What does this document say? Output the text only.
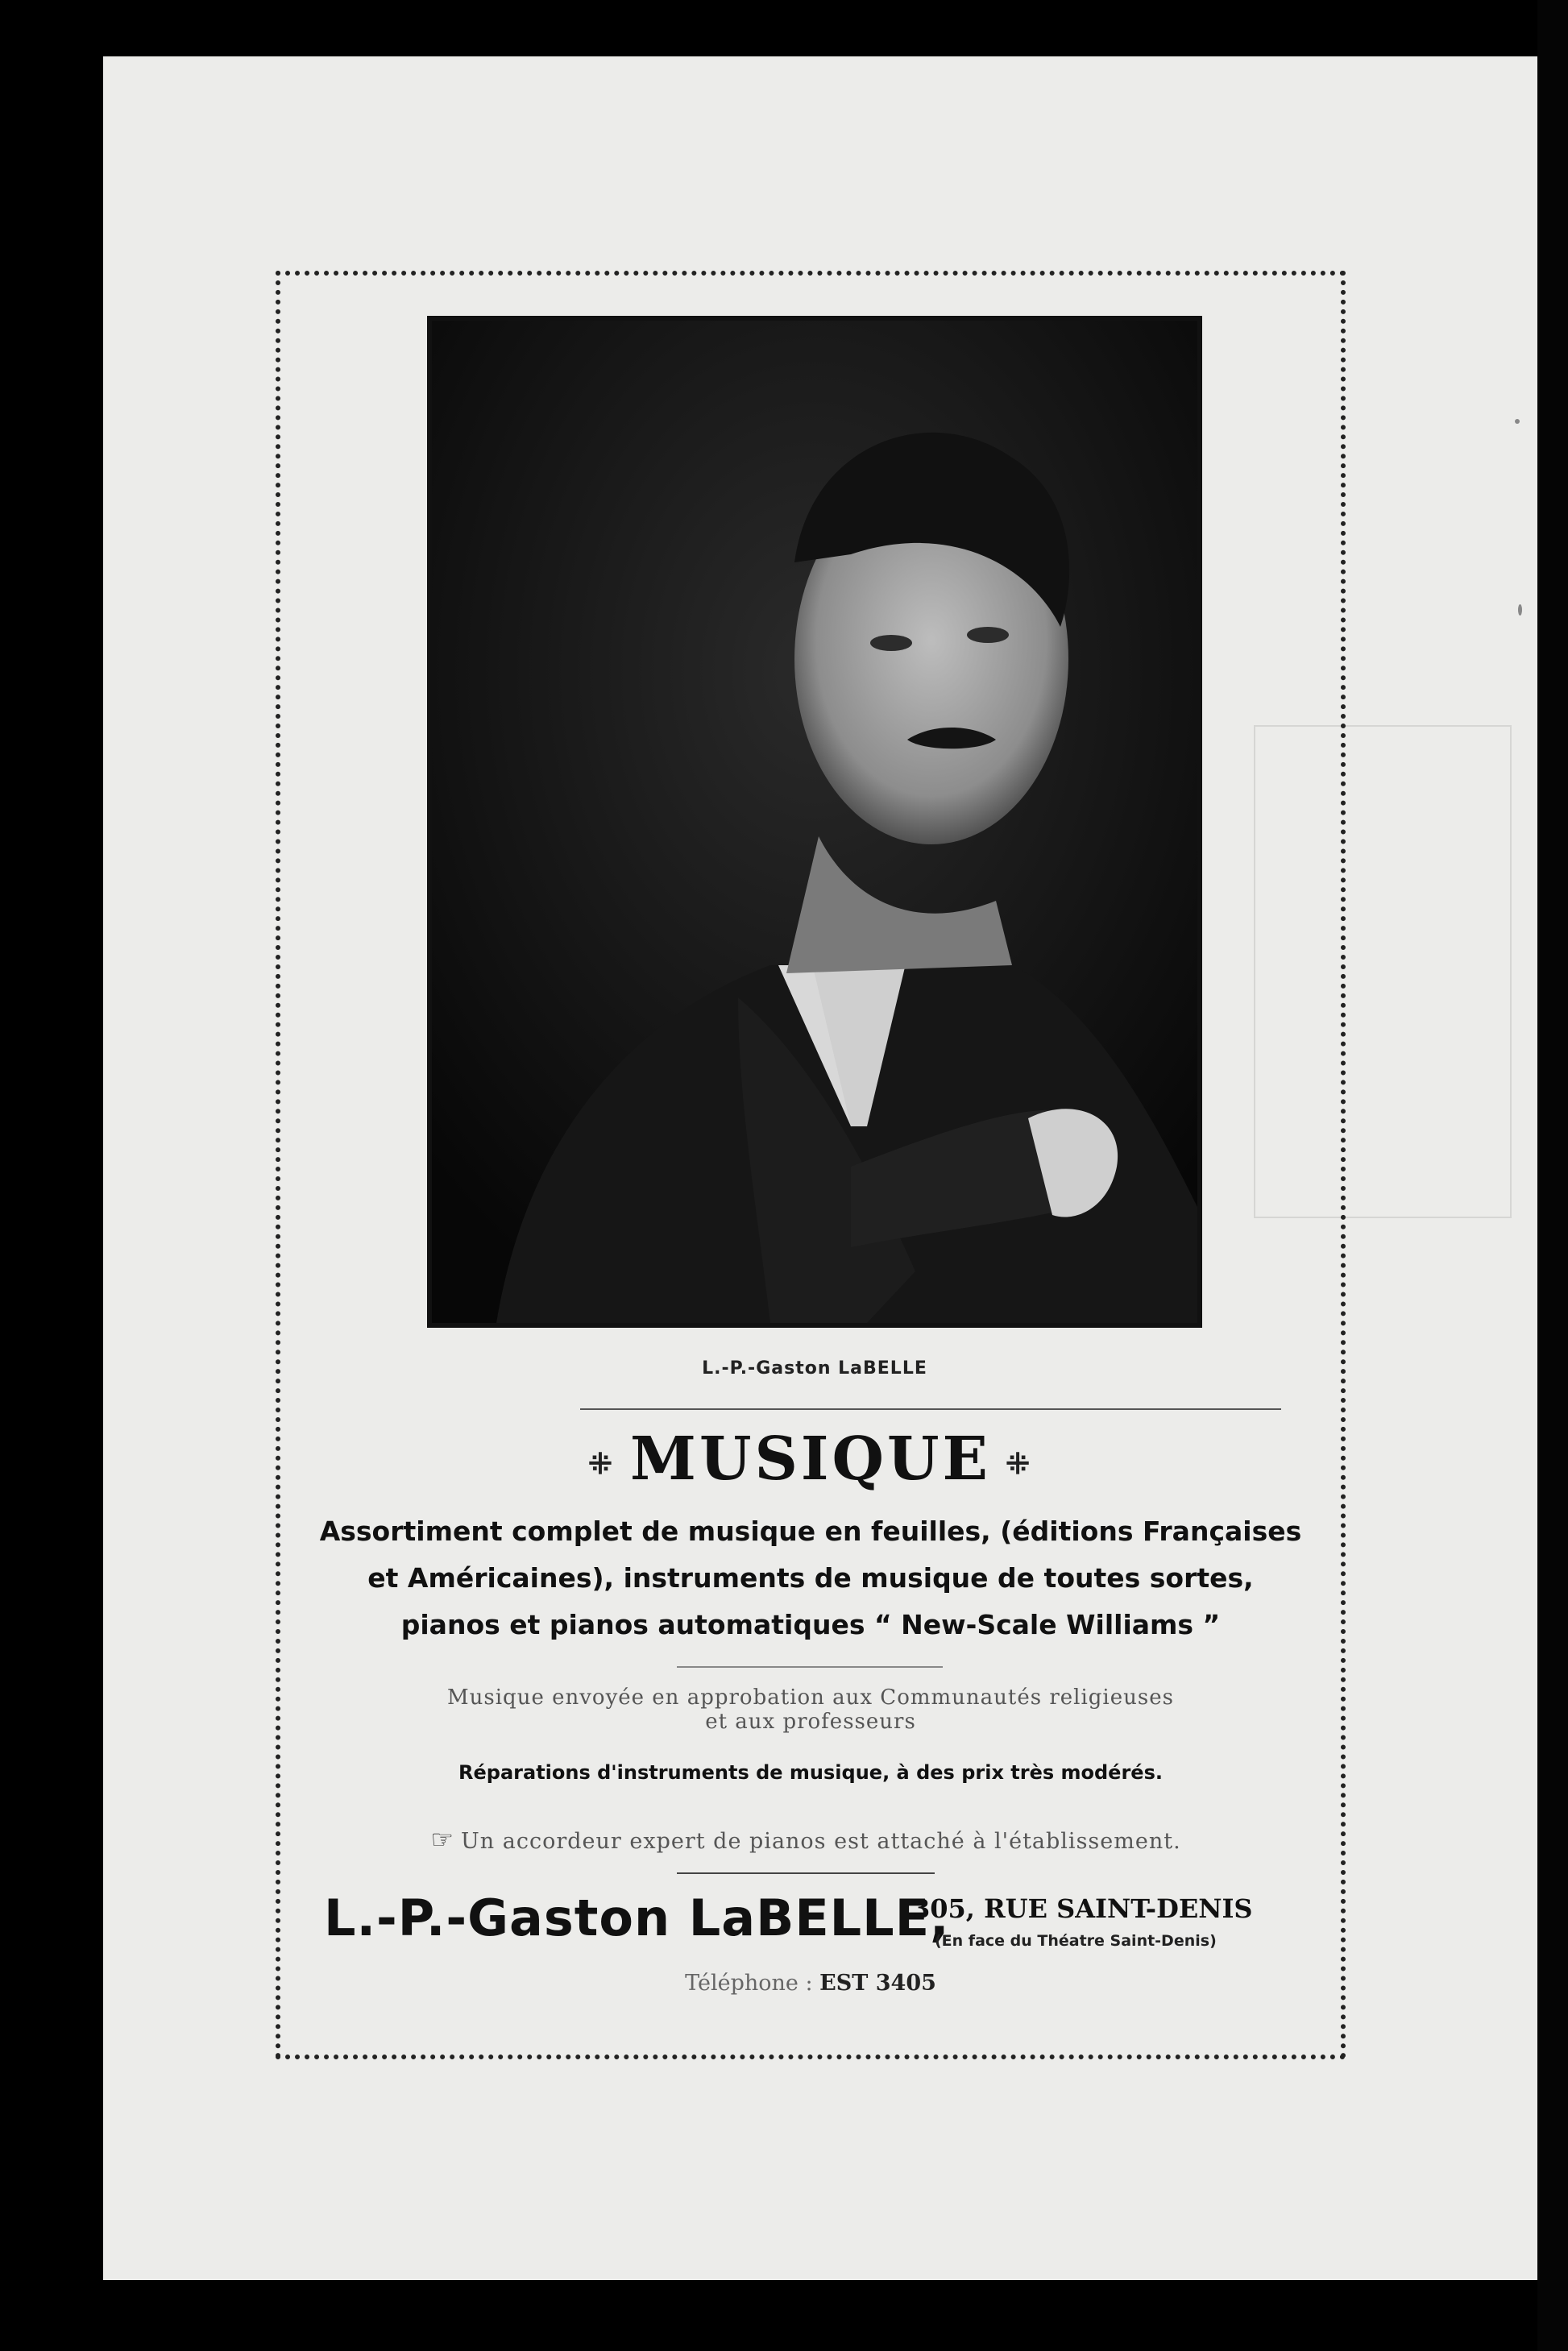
L.-P.-Gaston LaBELLE
⁜ MUSIQUE ⁜
Assortiment complet de musique en feuilles, (éditions Françaises
et Américaines), instruments de musique de toutes sortes,
pianos et pianos automatiques “ New-Scale Williams ”
Musique envoyée en approbation aux Communautés religieuses
et aux professeurs
Réparations d'instruments de musique, à des prix très modérés.
☞ Un accordeur expert de pianos est attaché à l'établissement.
L.-P.-Gaston LaBELLE,
305, RUE SAINT-DENIS
(En face du Théatre Saint-Denis)
Téléphone : EST 3405
